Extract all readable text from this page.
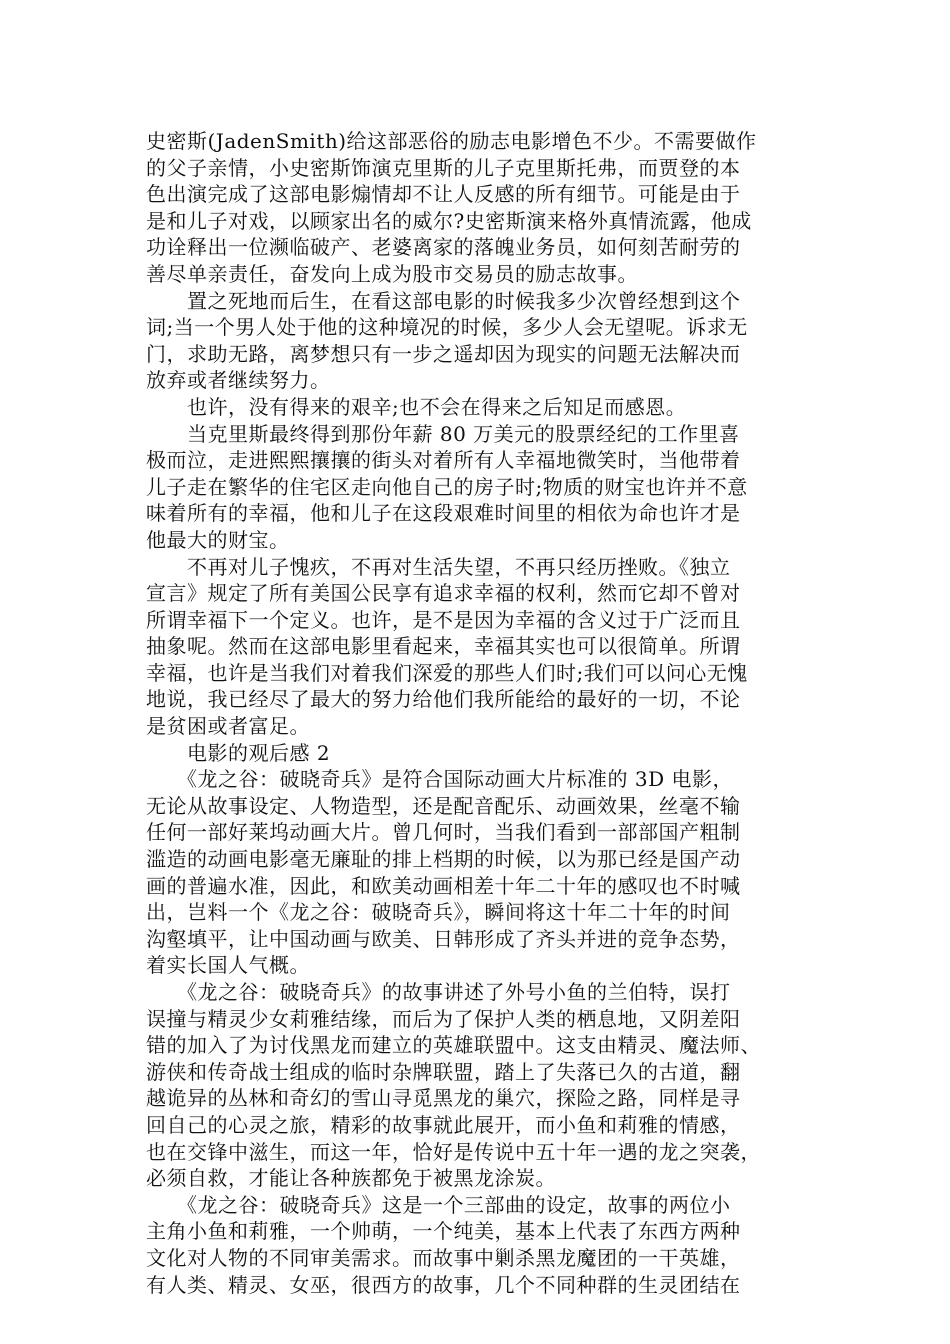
史密斯(JadenSmith)给这部恶俗的励志电影增色不少。不需要做作
的父子亲情，小史密斯饰演克里斯的儿子克里斯托弗，而贾登的本
色出演完成了这部电影煽情却不让人反感的所有细节。可能是由于
是和儿子对戏，以顾家出名的威尔?史密斯演来格外真情流露，他成
功诠释出一位濒临破产、老婆离家的落魄业务员，如何刻苦耐劳的
善尽单亲责任，奋发向上成为股市交易员的励志故事。
　　置之死地而后生，在看这部电影的时候我多少次曾经想到这个
词;当一个男人处于他的这种境况的时候，多少人会无望呢。诉求无
门，求助无路，离梦想只有一步之遥却因为现实的问题无法解决而
放弃或者继续努力。
　　也许，没有得来的艰辛;也不会在得来之后知足而感恩。
　　当克里斯最终得到那份年薪 80 万美元的股票经纪的工作里喜
极而泣，走进熙熙攘攘的街头对着所有人幸福地微笑时，当他带着
儿子走在繁华的住宅区走向他自己的房子时;物质的财宝也许并不意
味着所有的幸福，他和儿子在这段艰难时间里的相依为命也许才是
他最大的财宝。
　　不再对儿子愧疚，不再对生活失望，不再只经历挫败。《独立
宣言》规定了所有美国公民享有追求幸福的权利，然而它却不曾对
所谓幸福下一个定义。也许，是不是因为幸福的含义过于广泛而且
抽象呢。然而在这部电影里看起来，幸福其实也可以很简单。所谓
幸福，也许是当我们对着我们深爱的那些人们时;我们可以问心无愧
地说，我已经尽了最大的努力给他们我所能给的最好的一切，不论
是贫困或者富足。
　　电影的观后感 2
　　《龙之谷：破晓奇兵》是符合国际动画大片标准的 3D 电影，
无论从故事设定、人物造型，还是配音配乐、动画效果，丝毫不输
任何一部好莱坞动画大片。曾几何时，当我们看到一部部国产粗制
滥造的动画电影毫无廉耻的排上档期的时候，以为那已经是国产动
画的普遍水准，因此，和欧美动画相差十年二十年的感叹也不时喊
出，岂料一个《龙之谷：破晓奇兵》，瞬间将这十年二十年的时间
沟壑填平，让中国动画与欧美、日韩形成了齐头并进的竞争态势，
着实长国人气概。
　　《龙之谷：破晓奇兵》的故事讲述了外号小鱼的兰伯特，误打
误撞与精灵少女莉雅结缘，而后为了保护人类的栖息地，又阴差阳
错的加入了为讨伐黑龙而建立的英雄联盟中。这支由精灵、魔法师、
游侠和传奇战士组成的临时杂牌联盟，踏上了失落已久的古道，翻
越诡异的丛林和奇幻的雪山寻觅黑龙的巢穴，探险之路，同样是寻
回自己的心灵之旅，精彩的故事就此展开，而小鱼和莉雅的情感，
也在交锋中滋生，而这一年，恰好是传说中五十年一遇的龙之突袭，
必须自救，才能让各种族都免于被黑龙涂炭。
　　《龙之谷：破晓奇兵》这是一个三部曲的设定，故事的两位小
主角小鱼和莉雅，一个帅萌，一个纯美，基本上代表了东西方两种
文化对人物的不同审美需求。而故事中剿杀黑龙魔团的一干英雄，
有人类、精灵、女巫，很西方的故事，几个不同种群的生灵团结在
